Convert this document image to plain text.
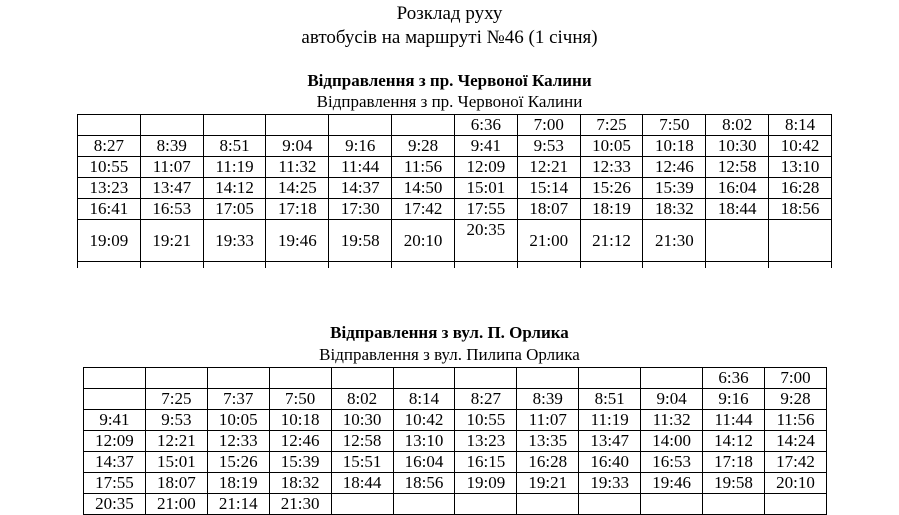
Розклад руху
автобусів на маршруті №46 (1 січня)
Відправлення з пр. Червоної Калини
Відправлення з пр. Червоної Калини
						6:36	7:00	7:25	7:50	8:02	8:14
8:27	8:39	8:51	9:04	9:16	9:28	9:41	9:53	10:05	10:18	10:30	10:42
10:55	11:07	11:19	11:32	11:44	11:56	12:09	12:21	12:33	12:46	12:58	13:10
13:23	13:47	14:12	14:25	14:37	14:50	15:01	15:14	15:26	15:39	16:04	16:28
16:41	16:53	17:05	17:18	17:30	17:42	17:55	18:07	18:19	18:32	18:44	18:56
19:09	19:21	19:33	19:46	19:58	20:10	20:35	21:00	21:12	21:30		

Відправлення з вул. П. Орлика
Відправлення з вул. Пилипа Орлика
										6:36	7:00
	7:25	7:37	7:50	8:02	8:14	8:27	8:39	8:51	9:04	9:16	9:28
9:41	9:53	10:05	10:18	10:30	10:42	10:55	11:07	11:19	11:32	11:44	11:56
12:09	12:21	12:33	12:46	12:58	13:10	13:23	13:35	13:47	14:00	14:12	14:24
14:37	15:01	15:26	15:39	15:51	16:04	16:15	16:28	16:40	16:53	17:18	17:42
17:55	18:07	18:19	18:32	18:44	18:56	19:09	19:21	19:33	19:46	19:58	20:10
20:35	21:00	21:14	21:30								
